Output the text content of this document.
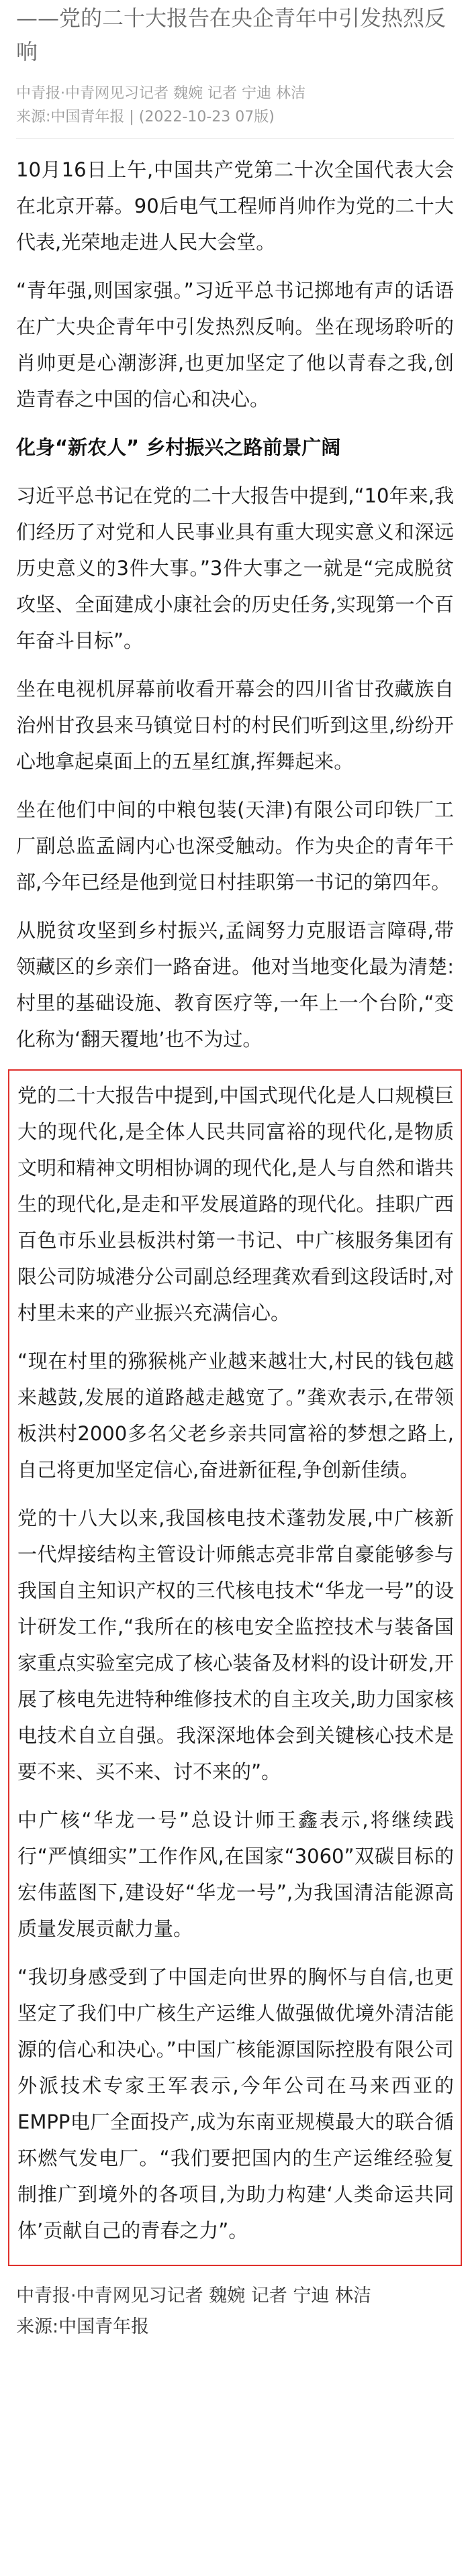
——党的二十大报告在央企青年中引发热烈反响
中青报·中青网见习记者 魏婉 记者 宁迪 林洁
来源:中国青年报 | (2022-10-23 07版)

10月16日上午,中国共产党第二十次全国代表大会在北京开幕。90后电气工程师肖帅作为党的二十大代表,光荣地走进人民大会堂。

“青年强,则国家强。”习近平总书记掷地有声的话语在广大央企青年中引发热烈反响。坐在现场聆听的肖帅更是心潮澎湃,也更加坚定了他以青春之我,创造青春之中国的信心和决心。

化身“新农人” 乡村振兴之路前景广阔

习近平总书记在党的二十大报告中提到,“10年来,我们经历了对党和人民事业具有重大现实意义和深远历史意义的3件大事。”3件大事之一就是“完成脱贫攻坚、全面建成小康社会的历史任务,实现第一个百年奋斗目标”。

坐在电视机屏幕前收看开幕会的四川省甘孜藏族自治州甘孜县来马镇觉日村的村民们听到这里,纷纷开心地拿起桌面上的五星红旗,挥舞起来。

坐在他们中间的中粮包装(天津)有限公司印铁厂工厂副总监孟阔内心也深受触动。作为央企的青年干部,今年已经是他到觉日村挂职第一书记的第四年。

从脱贫攻坚到乡村振兴,孟阔努力克服语言障碍,带领藏区的乡亲们一路奋进。他对当地变化最为清楚:村里的基础设施、教育医疗等,一年上一个台阶,“变化称为‘翻天覆地’也不为过。

党的二十大报告中提到,中国式现代化是人口规模巨大的现代化,是全体人民共同富裕的现代化,是物质文明和精神文明相协调的现代化,是人与自然和谐共生的现代化,是走和平发展道路的现代化。挂职广西百色市乐业县板洪村第一书记、中广核服务集团有限公司防城港分公司副总经理龚欢看到这段话时,对村里未来的产业振兴充满信心。

“现在村里的猕猴桃产业越来越壮大,村民的钱包越来越鼓,发展的道路越走越宽了。”龚欢表示,在带领板洪村2000多名父老乡亲共同富裕的梦想之路上,自己将更加坚定信心,奋进新征程,争创新佳绩。

党的十八大以来,我国核电技术蓬勃发展,中广核新一代焊接结构主管设计师熊志亮非常自豪能够参与我国自主知识产权的三代核电技术“华龙一号”的设计研发工作,“我所在的核电安全监控技术与装备国家重点实验室完成了核心装备及材料的设计研发,开展了核电先进特种维修技术的自主攻关,助力国家核电技术自立自强。我深深地体会到关键核心技术是要不来、买不来、讨不来的”。

中广核“华龙一号”总设计师王鑫表示,将继续践行“严慎细实”工作作风,在国家“3060”双碳目标的宏伟蓝图下,建设好“华龙一号”,为我国清洁能源高质量发展贡献力量。

“我切身感受到了中国走向世界的胸怀与自信,也更坚定了我们中广核生产运维人做强做优境外清洁能源的信心和决心。”中国广核能源国际控股有限公司外派技术专家王军表示,今年公司在马来西亚的EMPP电厂全面投产,成为东南亚规模最大的联合循环燃气发电厂。“我们要把国内的生产运维经验复制推广到境外的各项目,为助力构建‘人类命运共同体’贡献自己的青春之力”。

中青报·中青网见习记者 魏婉 记者 宁迪 林洁
来源:中国青年报
